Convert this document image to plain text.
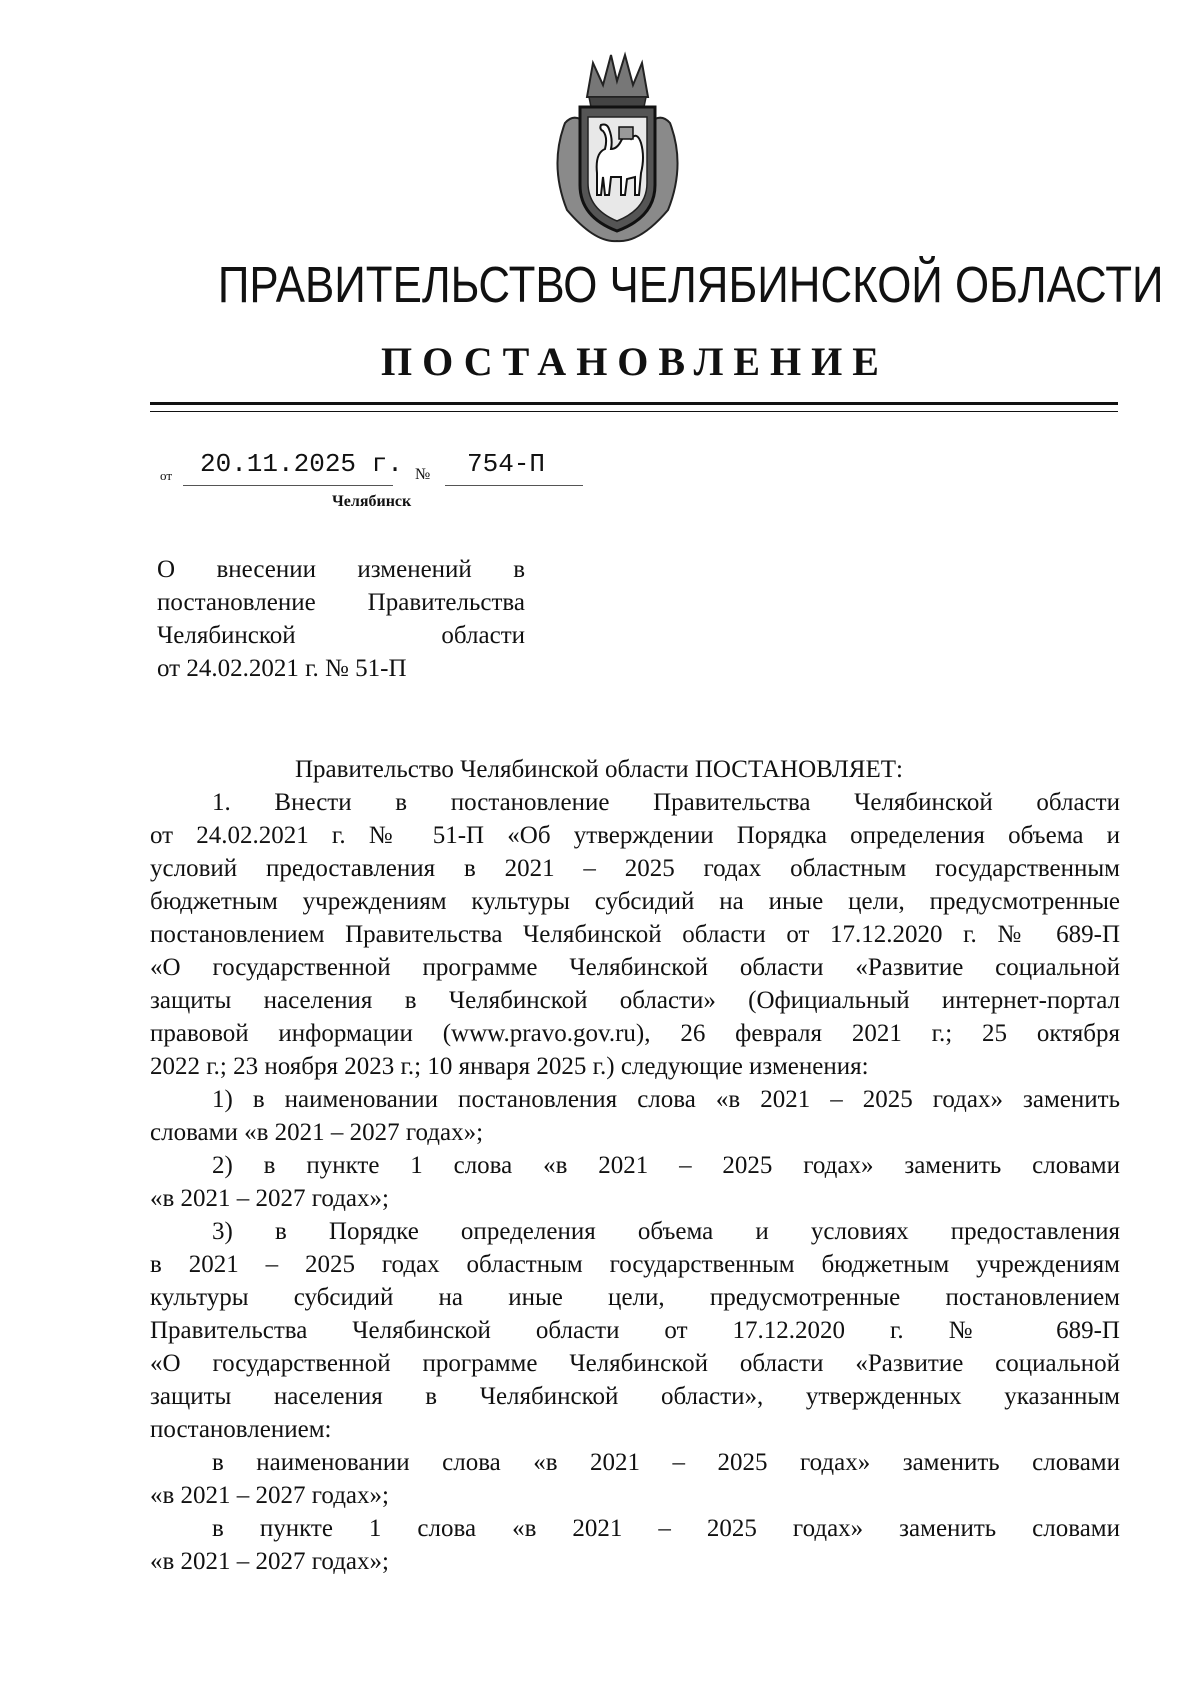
ПРАВИТЕЛЬСТВО ЧЕЛЯБИНСКОЙ ОБЛАСТИ
ПОСТАНОВЛЕНИЕ
от 20.11.2025 г. № 754-П
Челябинск
О внесении изменений в
постановление Правительства
Челябинской области
от 24.02.2021 г. № 51-П
Правительство Челябинской области ПОСТАНОВЛЯЕТ:
1. Внести в постановление Правительства Челябинской области
от 24.02.2021 г. № 51-П «Об утверждении Порядка определения объема и
условий предоставления в 2021 – 2025 годах областным государственным
бюджетным учреждениям культуры субсидий на иные цели, предусмотренные
постановлением Правительства Челябинской области от 17.12.2020 г. № 689-П
«О государственной программе Челябинской области «Развитие социальной
защиты населения в Челябинской области» (Официальный интернет-портал
правовой информации (www.pravo.gov.ru), 26 февраля 2021 г.; 25 октября
2022 г.; 23 ноября 2023 г.; 10 января 2025 г.) следующие изменения:
1) в наименовании постановления слова «в 2021 – 2025 годах» заменить
словами «в 2021 – 2027 годах»;
2) в пункте 1 слова «в 2021 – 2025 годах» заменить словами
«в 2021 – 2027 годах»;
3) в Порядке определения объема и условиях предоставления
в 2021 – 2025 годах областным государственным бюджетным учреждениям
культуры субсидий на иные цели, предусмотренные постановлением
Правительства Челябинской области от 17.12.2020 г. № 689-П
«О государственной программе Челябинской области «Развитие социальной
защиты населения в Челябинской области», утвержденных указанным
постановлением:
в наименовании слова «в 2021 – 2025 годах» заменить словами
«в 2021 – 2027 годах»;
в пункте 1 слова «в 2021 – 2025 годах» заменить словами
«в 2021 – 2027 годах»;
